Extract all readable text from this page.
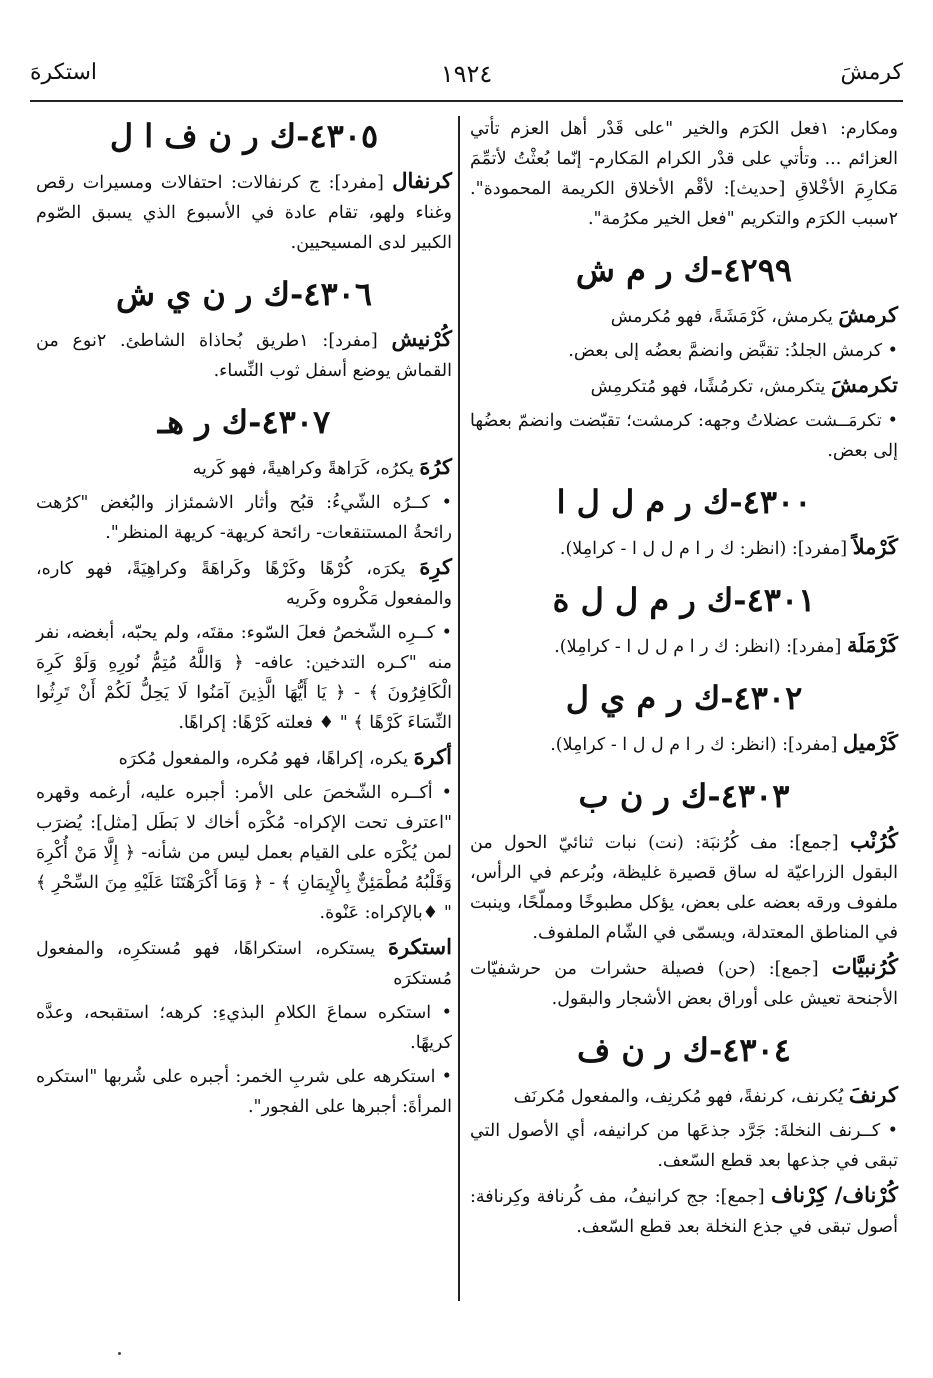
كرمشَ
١٩٢٤
استكرهَ

ومكارم: ١فعل الكرَم والخير "على قَدْر أهل العزم تأتي العزائم ... وتأتي على قدْر الكرام المَكارم- إنّما بُعثْتُ لأتمِّمَ مَكارِمَ الأخْلاقِ [حديث]: لأقْم الأخلاق الكريمة المحمودة". ٢سبب الكرَم والتكريم "فعل الخير مكرُمة".

٤٢٩٩-ك ر م ش

كرمشَ يكرمش، كَرْمَشَةً، فهو مُكرمش

• كرمش الجلدُ: تقبَّض وانضمَّ بعضُه إلى بعض.

تكرمشَ يتكرمش، تكرمُشًا، فهو مُتكرمِش

• تكرمَــشت عضلاتُ وجهه: كرمشت؛ تقبّضت وانضمّ بعضُها إلى بعض.

٤٣٠٠-ك ر م ل ل ا

كَرْملاً [مفرد]: (انظر: ك ر ا م ل ل ا - كرامِلا).

٤٣٠١-ك ر م ل ل ة

كَرْمَلَة [مفرد]: (انظر: ك ر ا م ل ل ا - كرامِلا).

٤٣٠٢-ك ر م ي ل

كَرْميل [مفرد]: (انظر: ك ر ا م ل ل ا - كرامِلا).

٤٣٠٣-ك ر ن ب

كُرُنْب [جمع]: مف كُرُنبَة: (نت) نبات ثنائيّ الحول من البقول الزراعيّة له ساق قصيرة غليظة، وبُرعم في الرأس، ملفوف ورقه بعضه على بعض، يؤكل مطبوخًا ومملّحًا، وينبت في المناطق المعتدلة، ويسمّى في الشّام الملفوف.

كُرُنبيَّات [جمع]: (حن) فصيلة حشرات من حرشفيّات الأجنحة تعيش على أوراق بعض الأشجار والبقول.

٤٣٠٤-ك ر ن ف

كرنفَ يُكرنف، كرنفةً، فهو مُكرنِف، والمفعول مُكرنَف

• كــرنف النخلةَ: جَرَّد جذعَها من كرانيفه، أي الأصول التي تبقى في جذعها بعد قطع السّعف.

كُرْناف/ كِرْناف [جمع]: جج كرانيفُ، مف كُرنافة وكِرنافة: أصول تبقى في جذع النخلة بعد قطع السّعف.

٤٣٠٥-ك ر ن ف ا ل

كرنفال [مفرد]: ج كرنفالات: احتفالات ومسيرات رقص وغناء ولهو، تقام عادة في الأسبوع الذي يسبق الصّوم الكبير لدى المسيحيين.

٤٣٠٦-ك ر ن ي ش

كُرْنيش [مفرد]: ١طريق بُحاذاة الشاطئ. ٢نوع من القماش يوضع أسفل ثوب النِّساء.

٤٣٠٧-ك ر هـ

كرُهَ يكرُه، كَرَاهةً وكراهيةً، فهو كَريه

• كــرُه الشّيءُ: قبُح وأثار الاشمئزاز والبُغض "كرُهت رائحةُ المستنقعات- رائحة كريهة- كريهة المنظر".

كرِهَ يكرَه، كُرْهًا وكَرْهًا وكَراهَةً وكراهِيَةً، فهو كاره، والمفعول مَكْروه وكَريه

• كــرِه الشّخصُ فعلَ السّوء: مقتَه، ولم يحبّه، أبغضه، نفر منه "كـره التدخين: عافه- ﴿ وَاللَّهُ مُتِمُّ نُورِهِ وَلَوْ كَرِهَ الْكَافِرُونَ ﴾ - ﴿ يَا أَيُّهَا الَّذِينَ آمَنُوا لَا يَحِلُّ لَكُمْ أَنْ تَرِثُوا النِّسَاءَ كَرْهًا ﴾ " ♦ فعلته كَرْهًا: إكراهًا.

أكرهَ يكره، إكراهًا، فهو مُكره، والمفعول مُكرَه

• أكــره الشّخصَ على الأمر: أجبره عليه، أرغمه وقهره "اعترف تحت الإكراه- مُكْرَه أخاك لا بَطَل [مثل]: يُضرَب لمن يُكْرَه على القيام بعمل ليس من شأنه- ﴿ إِلَّا مَنْ أُكْرِهَ وَقَلْبُهُ مُطْمَئِنٌّ بِالْإِيمَانِ ﴾ - ﴿ وَمَا أَكْرَهْتَنَا عَلَيْهِ مِنَ السِّحْرِ ﴾ " ♦بالإكراه: عَنْوة.

استكرهَ يستكره، استكراهًا، فهو مُستكرِه، والمفعول مُستكرَه

• استكره سماعَ الكلامِ البذيءِ: كرهه؛ استقبحه، وعدَّه كريهًا.

• استكرهه على شربِ الخمر: أجبره على شُربها "استكره المرأةَ: أجبرها على الفجور".
